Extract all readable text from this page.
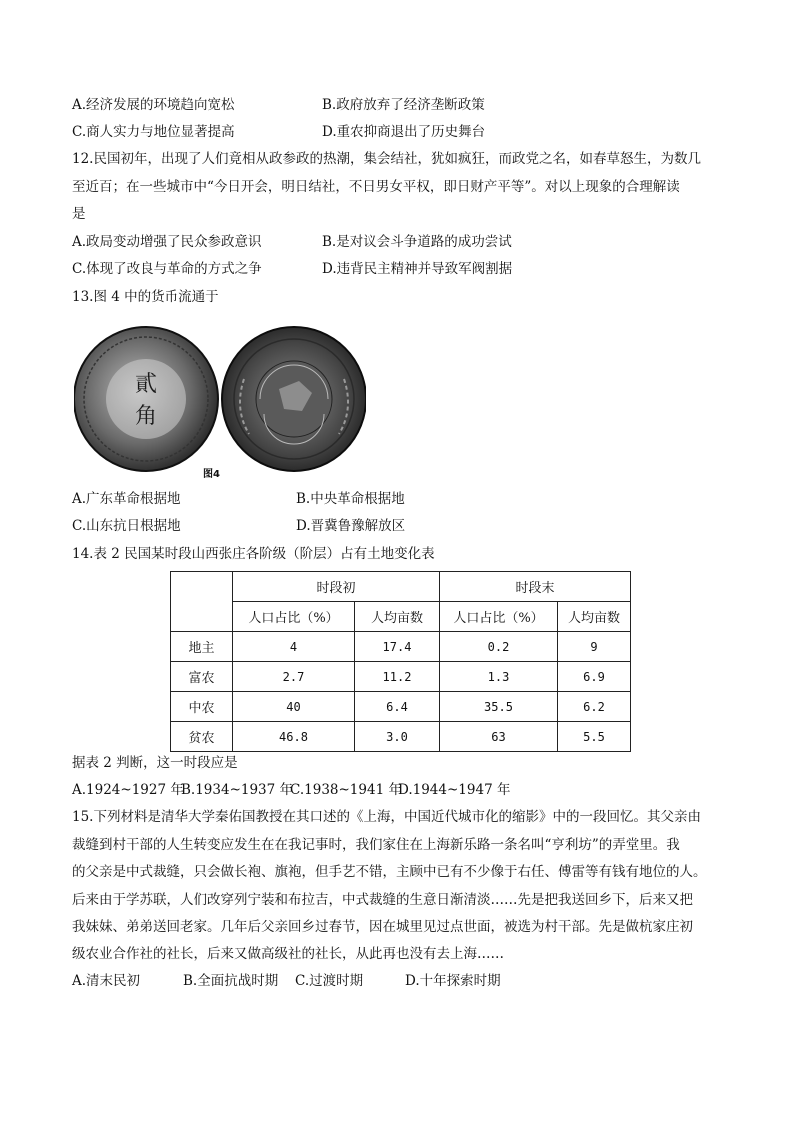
A.经济发展的环境趋向宽松	B.政府放弃了经济垄断政策
C.商人实力与地位显著提高	D.重农抑商退出了历史舞台
12.民国初年，出现了人们竟相从政参政的热潮，集会结社，犹如疯狂，而政党之名，如春草怒生，为数几
至近百；在一些城市中“今日开会，明日结社，不日男女平权，即日财产平等”。对以上现象的合理解读
是
A.政局变动增强了民众参政意识	B.是对议会斗争道路的成功尝试
C.体现了改良与革命的方式之争	D.违背民主精神并导致军阀割据
13.图 4 中的货币流通于
貳
角
图4
A.广东革命根据地	B.中央革命根据地
C.山东抗日根据地	D.晋冀鲁豫解放区
14.表 2 民国某时段山西张庄各阶级（阶层）占有土地变化表
	时段初		时段末	
	人口占比（%）	人均亩数	人口占比（%）	人均亩数
地主	4	17.4	0.2	9
富农	2.7	11.2	1.3	6.9
中农	40	6.4	35.5	6.2
贫农	46.8	3.0	63	5.5
据表 2 判断，这一时段应是
A.1924~1927 年
B.1934~1937 年
C.1938~1941 年
D.1944~1947 年
15.下列材料是清华大学秦佑国教授在其口述的《上海，中国近代城市化的缩影》中的一段回忆。其父亲由
裁缝到村干部的人生转变应发生在在我记事时，我们家住在上海新乐路一条名叫“亨利坊”的弄堂里。我
的父亲是中式裁缝，只会做长袍、旗袍，但手艺不错，主顾中已有不少像于右任、傅雷等有钱有地位的人。
后来由于学苏联，人们改穿列宁装和布拉吉，中式裁缝的生意日渐清淡……先是把我送回乡下，后来又把
我妹妹、弟弟送回老家。几年后父亲回乡过春节，因在城里见过点世面，被选为村干部。先是做杭家庄初
级农业合作社的社长，后来又做高级社的社长，从此再也没有去上海……
A.清末民初	B.全面抗战时期 C.过渡时期	D.十年探索时期
